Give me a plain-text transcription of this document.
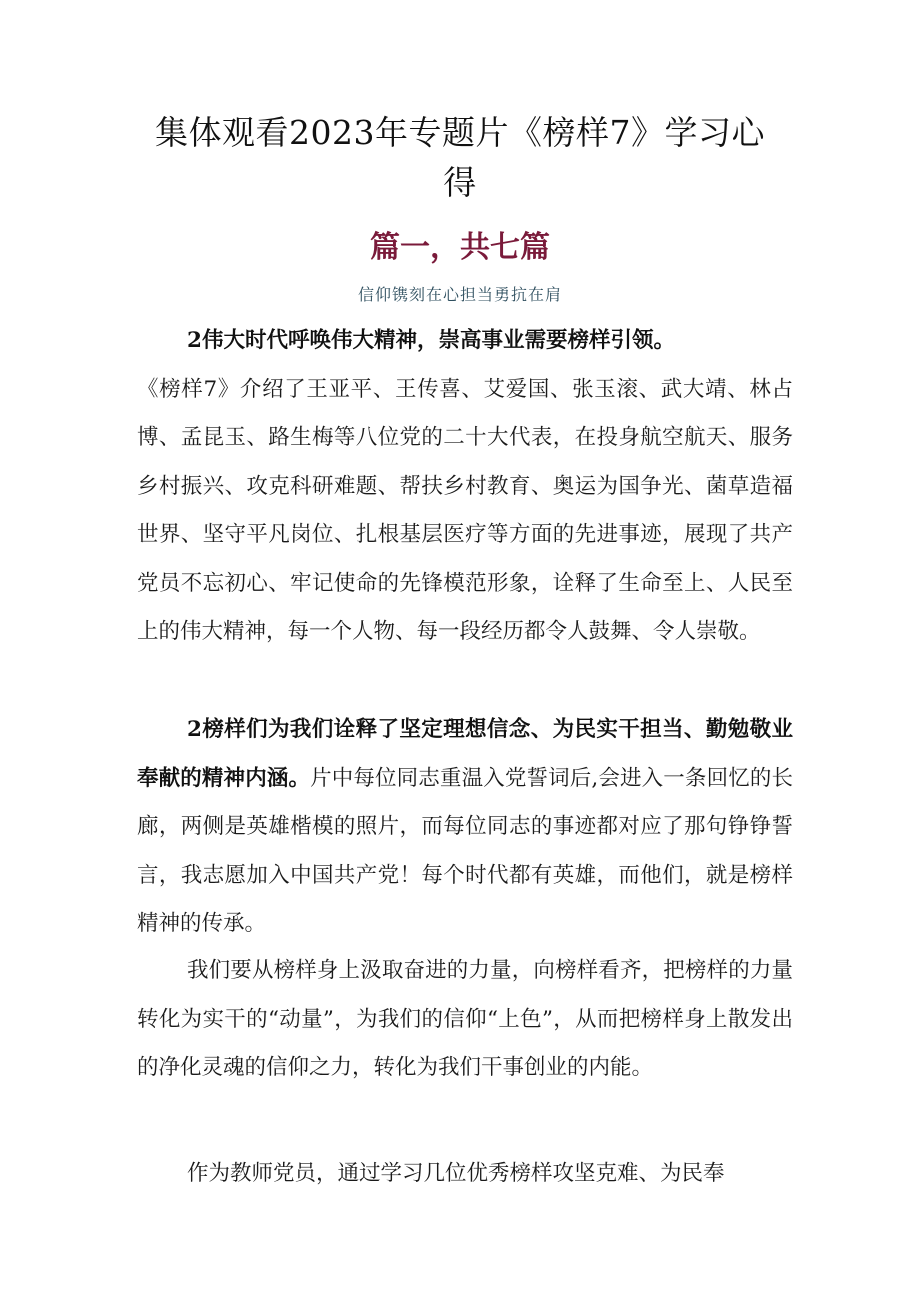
集体观看2023年专题片《榜样7》学习心得
篇一，共七篇
信仰镌刻在心担当勇抗在肩
2伟大时代呼唤伟大精神，崇高事业需要榜样引领。
《榜样7》介绍了王亚平、王传喜、艾爱国、张玉滚、武大靖、林占博、孟昆玉、路生梅等八位党的二十大代表，在投身航空航天、服务乡村振兴、攻克科研难题、帮扶乡村教育、奥运为国争光、菌草造福世界、坚守平凡岗位、扎根基层医疗等方面的先进事迹，展现了共产党员不忘初心、牢记使命的先锋模范形象，诠释了生命至上、人民至上的伟大精神，每一个人物、每一段经历都令人鼓舞、令人崇敬。
2榜样们为我们诠释了坚定理想信念、为民实干担当、勤勉敬业奉献的精神内涵。片中每位同志重温入党誓词后,会进入一条回忆的长廊，两侧是英雄楷模的照片，而每位同志的事迹都对应了那句铮铮誓言，我志愿加入中国共产党！每个时代都有英雄，而他们，就是榜样精神的传承。
我们要从榜样身上汲取奋进的力量，向榜样看齐，把榜样的力量转化为实干的“动量”，为我们的信仰“上色”，从而把榜样身上散发出的净化灵魂的信仰之力，转化为我们干事创业的内能。
作为教师党员，通过学习几位优秀榜样攻坚克难、为民奉
